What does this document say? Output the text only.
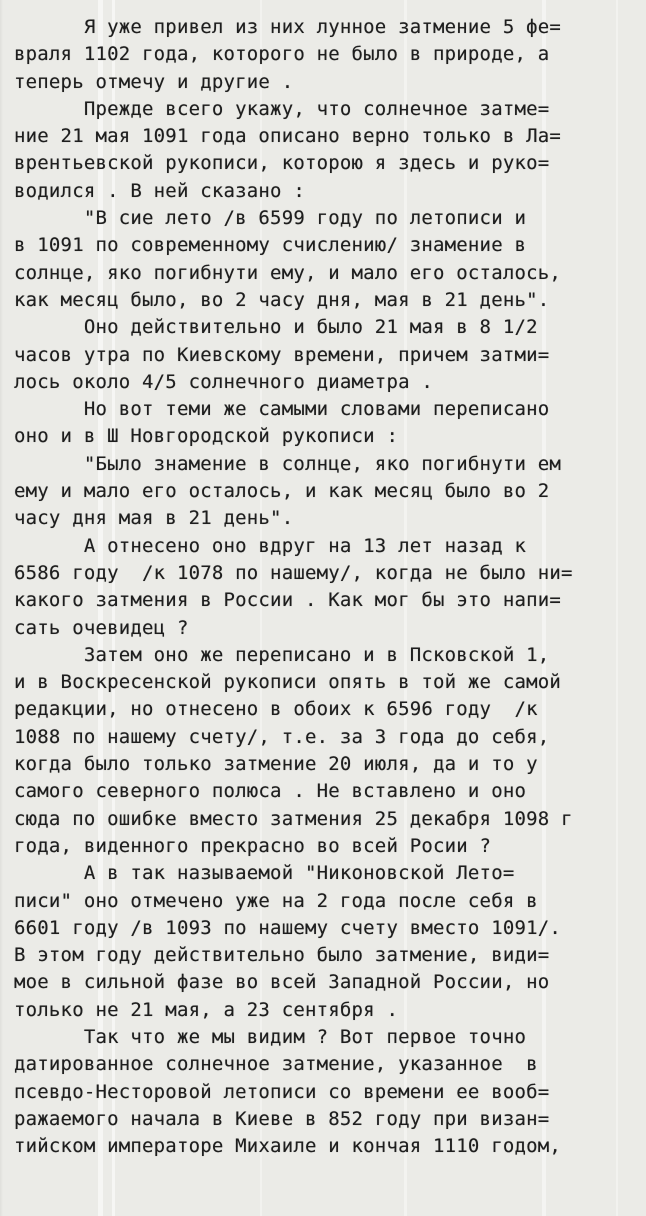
Я уже привел из них лунное затмение 5 фе=
враля 1102 года, которого не было в природе, а
теперь отмечу и другие .
Прежде всего укажу, что солнечное затме=
ние 21 мая 1091 года описано верно только в Ла=
врентьевской рукописи, которою я здесь и руко=
водился . В ней сказано :
"В сие лето /в 6599 году по летописи и
в 1091 по современному счислению/ знамение в
солнце, яко погибнути ему, и мало его осталось,
как месяц было, во 2 часу дня, мая в 21 день".
Оно действительно и было 21 мая в 8 1/2
часов утра по Киевскому времени, причем затми=
лось около 4/5 солнечного диаметра .
Но вот теми же самыми словами переписано
оно и в Ш Новгородской рукописи :
"Было знамение в солнце, яко погибнути ем
ему и мало его осталось, и как месяц было во 2
часу дня мая в 21 день".
А отнесено оно вдруг на 13 лет назад к
6586 году  /к 1078 по нашему/, когда не было ни=
какого затмения в России . Как мог бы это напи=
сать очевидец ?
Затем оно же переписано и в Псковской 1,
и в Воскресенской рукописи опять в той же самой
редакции, но отнесено в обоих к 6596 году  /к
1088 по нашему счету/, т.е. за 3 года до себя,
когда было только затмение 20 июля, да и то у
самого северного полюса . Не вставлено и оно
сюда по ошибке вместо затмения 25 декабря 1098 г
года, виденного прекрасно во всей Росии ?
А в так называемой "Никоновской Лето=
писи" оно отмечено уже на 2 года после себя в
6601 году /в 1093 по нашему счету вместо 1091/.
В этом году действительно было затмение, види=
мое в сильной фазе во всей Западной России, но
только не 21 мая, а 23 сентября .
Так что же мы видим ? Вот первое точно
датированное солнечное затмение, указанное  в
псевдо-Несторовой летописи со времени ее вооб=
ражаемого начала в Киеве в 852 году при визан=
тийском императоре Михаиле и кончая 1110 годом,
